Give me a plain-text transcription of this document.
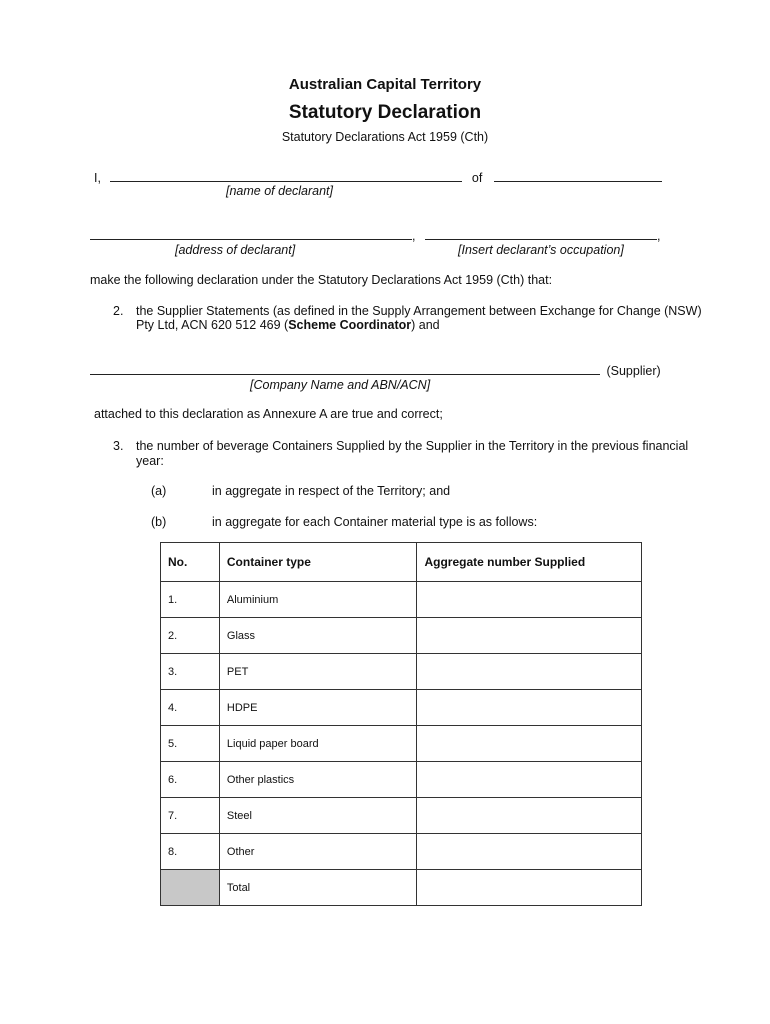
Australian Capital Territory
Statutory Declaration
Statutory Declarations Act 1959 (Cth)
I,	of
[name of declarant]
,	,
[address of declarant]	[Insert declarant’s occupation]
make the following declaration under the Statutory Declarations Act 1959 (Cth) that:
2. the Supplier Statements (as defined in the Supply Arrangement between Exchange for Change (NSW)
Pty Ltd, ACN 620 512 469 (Scheme Coordinator) and
(Supplier)
[Company Name and ABN/ACN]
attached to this declaration as Annexure A are true and correct;
3. the number of beverage Containers Supplied by the Supplier in the Territory in the previous financial
year:
(a)	in aggregate in respect of the Territory; and
(b)	in aggregate for each Container material type is as follows:
No.	Container type	Aggregate number Supplied
1.	Aluminium	
2.	Glass	
3.	PET	
4.	HDPE	
5.	Liquid paper board	
6.	Other plastics	
7.	Steel	
8.	Other	
	Total	
